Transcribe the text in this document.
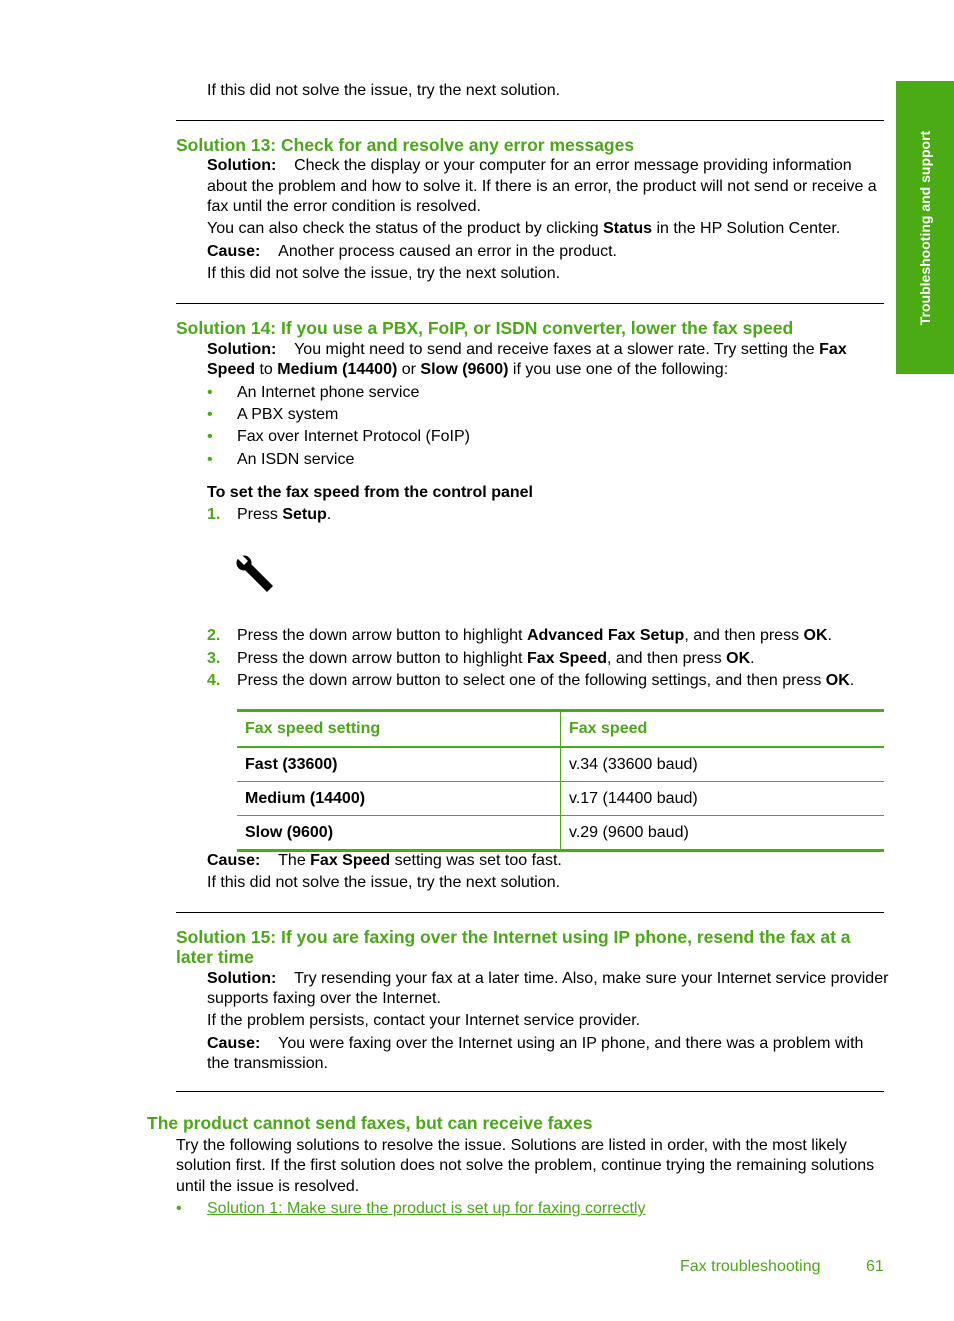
Troubleshooting and support
If this did not solve the issue, try the next solution.
Solution 13: Check for and resolve any error messages
Solution: Check the display or your computer for an error message providing information
about the problem and how to solve it. If there is an error, the product will not send or receive a
fax until the error condition is resolved.
You can also check the status of the product by clicking Status in the HP Solution Center.
Cause: Another process caused an error in the product.
If this did not solve the issue, try the next solution.
Solution 14: If you use a PBX, FoIP, or ISDN converter, lower the fax speed
Solution: You might need to send and receive faxes at a slower rate. Try setting the Fax
Speed to Medium (14400) or Slow (9600) if you use one of the following:
• An Internet phone service
• A PBX system
• Fax over Internet Protocol (FoIP)
• An ISDN service
To set the fax speed from the control panel
1. Press Setup.
2. Press the down arrow button to highlight Advanced Fax Setup, and then press OK.
3. Press the down arrow button to highlight Fax Speed, and then press OK.
4. Press the down arrow button to select one of the following settings, and then press OK.
Fax speed setting	Fax speed
Fast (33600)	v.34 (33600 baud)
Medium (14400)	v.17 (14400 baud)
Slow (9600)	v.29 (9600 baud)
Cause: The Fax Speed setting was set too fast.
If this did not solve the issue, try the next solution.
Solution 15: If you are faxing over the Internet using IP phone, resend the fax at a
later time
Solution: Try resending your fax at a later time. Also, make sure your Internet service provider
supports faxing over the Internet.
If the problem persists, contact your Internet service provider.
Cause: You were faxing over the Internet using an IP phone, and there was a problem with
the transmission.
The product cannot send faxes, but can receive faxes
Try the following solutions to resolve the issue. Solutions are listed in order, with the most likely
solution first. If the first solution does not solve the problem, continue trying the remaining solutions
until the issue is resolved.
• Solution 1: Make sure the product is set up for faxing correctly
Fax troubleshooting	61
